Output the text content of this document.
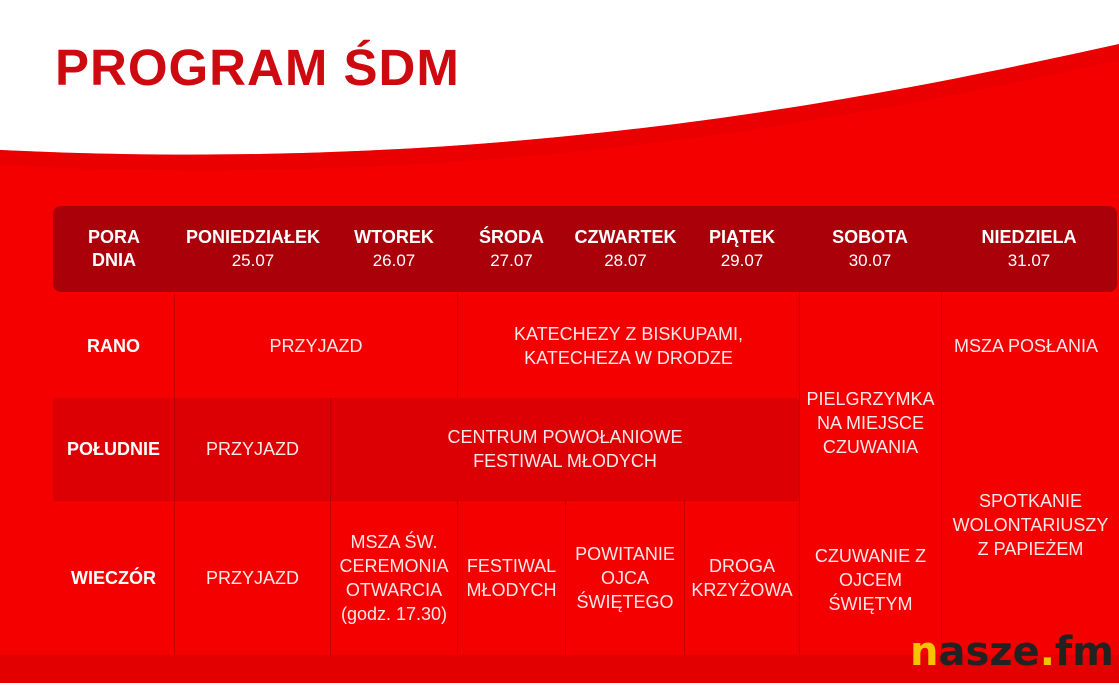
PROGRAM ŚDM
PORA
DNIA
PONIEDZIAŁEK
25.07
WTOREK
26.07
ŚRODA
27.07
CZWARTEK
28.07
PIĄTEK
29.07
SOBOTA
30.07
NIEDZIELA
31.07
RANO
POŁUDNIE
WIECZÓR
PRZYJAZD
KATECHEZY Z BISKUPAMI,
KATECHEZA W DRODZE
PIELGRZYMKA
NA MIEJSCE
CZUWANIA
MSZA POSŁANIA
PRZYJAZD
CENTRUM POWOŁANIOWE
FESTIWAL MŁODYCH
SPOTKANIE
WOLONTARIUSZY
Z PAPIEŻEM
PRZYJAZD
MSZA ŚW.
CEREMONIA
OTWARCIA
(godz. 17.30)
FESTIWAL
MŁODYCH
POWITANIE
OJCA
ŚWIĘTEGO
DROGA
KRZYŻOWA
CZUWANIE Z
OJCEM
ŚWIĘTYM
nasze.fm
